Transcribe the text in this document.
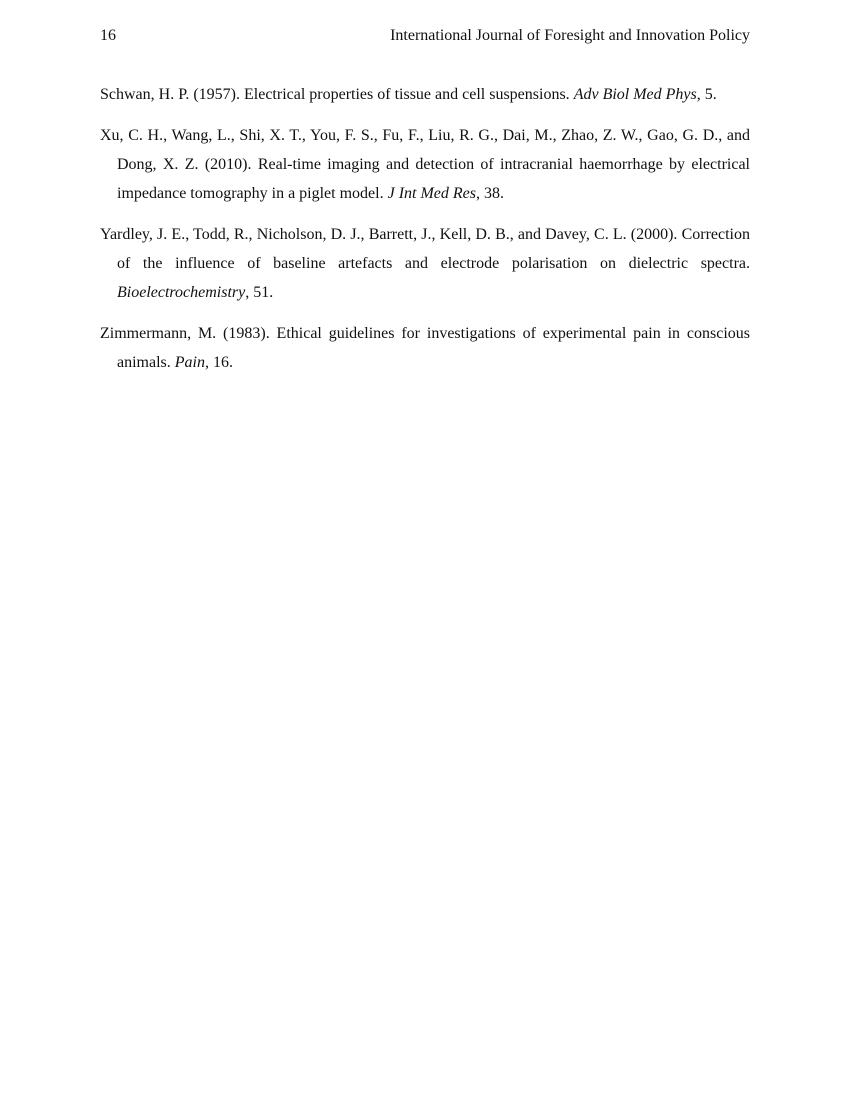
16	International Journal of Foresight and Innovation Policy

Schwan, H. P. (1957). Electrical properties of tissue and cell suspensions. Adv Biol Med Phys, 5.

Xu, C. H., Wang, L., Shi, X. T., You, F. S., Fu, F., Liu, R. G., Dai, M., Zhao, Z. W., Gao, G. D., and Dong, X. Z. (2010). Real-time imaging and detection of intracranial haemorrhage by electrical impedance tomography in a piglet model. J Int Med Res, 38.

Yardley, J. E., Todd, R., Nicholson, D. J., Barrett, J., Kell, D. B., and Davey, C. L. (2000). Correction of the influence of baseline artefacts and electrode polarisation on dielectric spectra. Bioelectrochemistry, 51.

Zimmermann, M. (1983). Ethical guidelines for investigations of experimental pain in conscious animals. Pain, 16.
